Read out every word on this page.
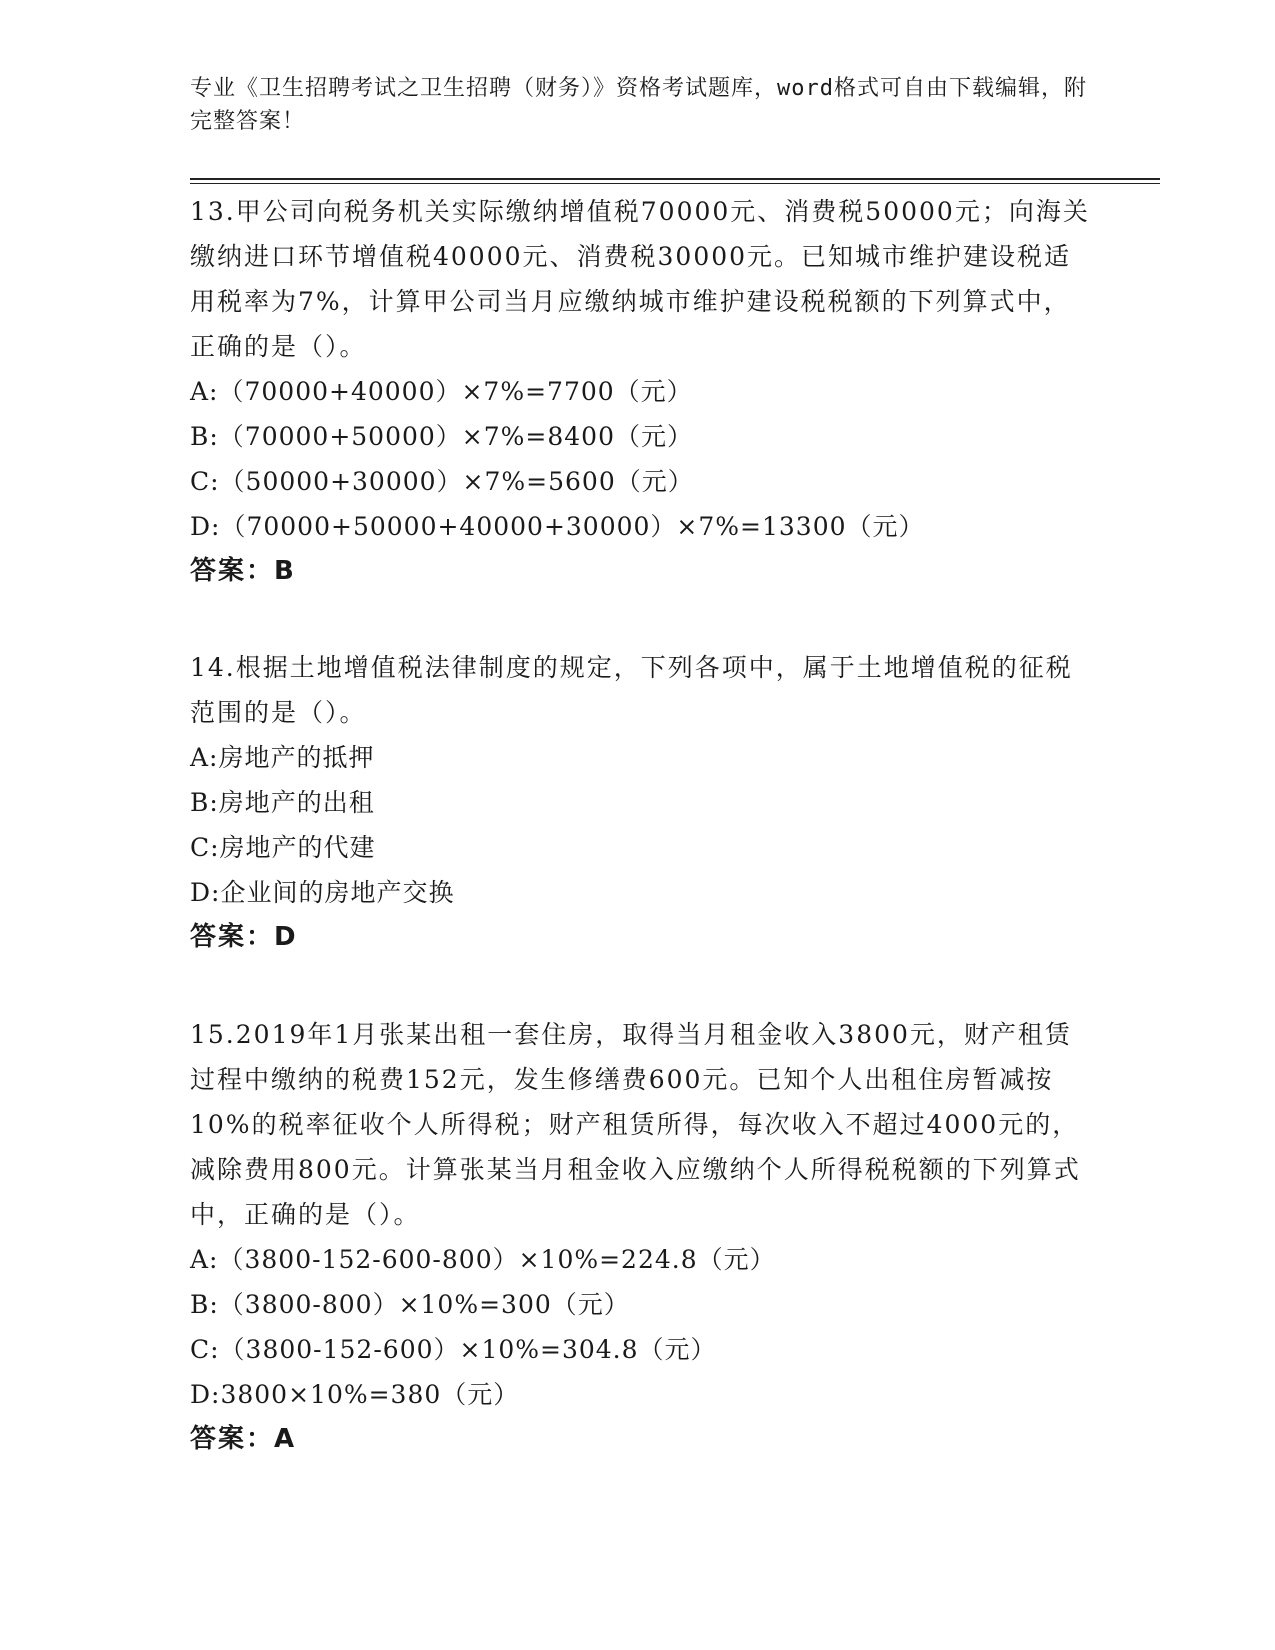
专业《卫生招聘考试之卫生招聘（财务）》资格考试题库，word格式可自由下载编辑，附完整答案！

13.甲公司向税务机关实际缴纳增值税70000元、消费税50000元；向海关缴纳进口环节增值税40000元、消费税30000元。已知城市维护建设税适用税率为7%，计算甲公司当月应缴纳城市维护建设税税额的下列算式中，正确的是（）。

A:（70000+40000）×7%=7700（元）

B:（70000+50000）×7%=8400（元）

C:（50000+30000）×7%=5600（元）

D:（70000+50000+40000+30000）×7%=13300（元）

答案：B

14.根据土地增值税法律制度的规定，下列各项中，属于土地增值税的征税范围的是（）。

A:房地产的抵押

B:房地产的出租

C:房地产的代建

D:企业间的房地产交换

答案：D

15.2019年1月张某出租一套住房，取得当月租金收入3800元，财产租赁过程中缴纳的税费152元，发生修缮费600元。已知个人出租住房暂减按10%的税率征收个人所得税；财产租赁所得，每次收入不超过4000元的，减除费用800元。计算张某当月租金收入应缴纳个人所得税税额的下列算式中，正确的是（）。

A:（3800-152-600-800）×10%=224.8（元）

B:（3800-800）×10%=300（元）

C:（3800-152-600）×10%=304.8（元）

D:3800×10%=380（元）

答案：A
